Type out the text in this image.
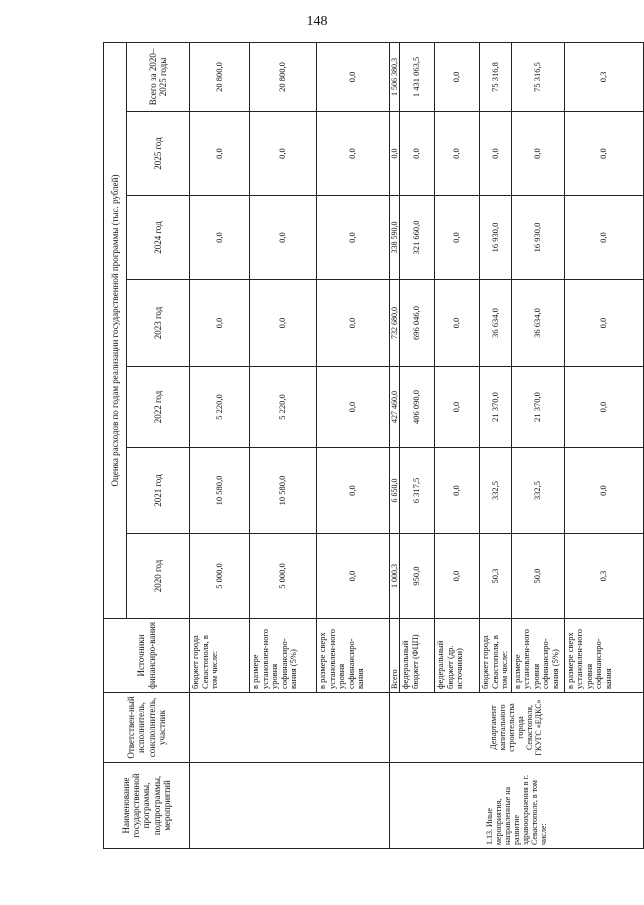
148
Наименование государственной программы, подпрограммы, мероприятий	Ответствен-ный исполнитель, соисполнитель, участник	Источники финансиро-вания	Оценка расходов по годам реализации государственной программы (тыс. рублей)						
			2020 год	2021 год	2022 год	2023 год	2024 год	2025 год	Всего за 2020–2025 годы
		бюджет города Севастополя, в том числе:	5 000,0	10 580,0	5 220,0	0,0	0,0	0,0	20 800,0
		в размере установлен-ного уровня софинансиро-вания (5%)	5 000,0	10 580,0	5 220,0	0,0	0,0	0,0	20 800,0
		в размере сверх установлен-ного уровня софинансиро-вания	0,0	0,0	0,0	0,0	0,0	0,0	0,0
1.13. Иные мероприятия, направленные на развитие здравоохранения в г. Севастополе, в том числе:	Департамент капитального строительства города Севастополя, ГКУГС «ЕДКС»	Всего	1 000,3	6 650,0	427 460,0	732 680,0	338 590,0	0,0	1 506 380,3
		федеральный бюджет (ФЦП)	950,0	6 317,5	406 090,0	696 046,0	321 660,0	0,0	1 431 063,5
		федеральный бюджет (др. источники)	0,0	0,0	0,0	0,0	0,0	0,0	0,0
		бюджет города Севастополя, в том числе:	50,3	332,5	21 370,0	36 634,0	16 930,0	0,0	75 316,8
		в размере установлен-ного уровня софинансиро-вания (5%)	50,0	332,5	21 370,0	36 634,0	16 930,0	0,0	75 316,5
		в размере сверх установлен-ного уровня софинансиро-вания	0,3	0,0	0,0	0,0	0,0	0,0	0,3
